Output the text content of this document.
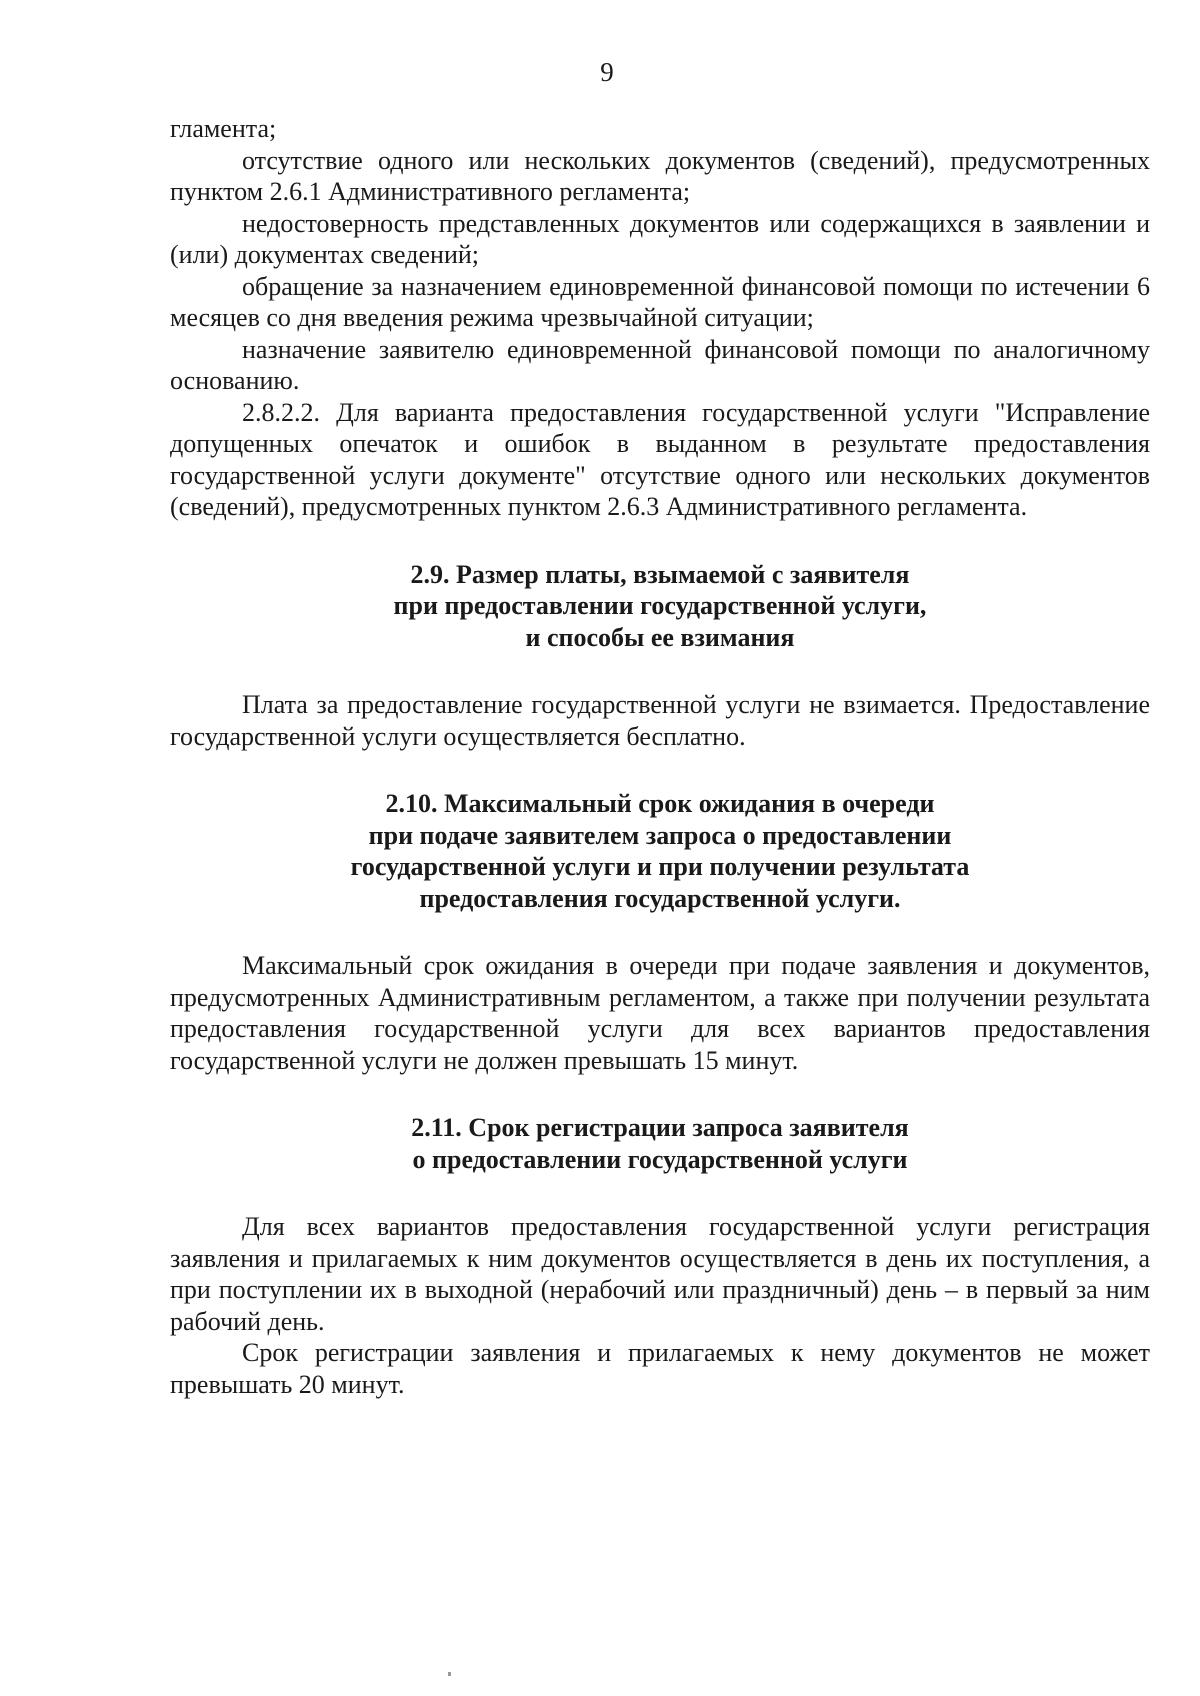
9

гламента;

отсутствие одного или нескольких документов (сведений), предусмотренных пунктом 2.6.1 Административного регламента;

недостоверность представленных документов или содержащихся в заявлении и (или) документах сведений;

обращение за назначением единовременной финансовой помощи по истечении 6 месяцев со дня введения режима чрезвычайной ситуации;

назначение заявителю единовременной финансовой помощи по аналогичному основанию.

2.8.2.2. Для варианта предоставления государственной услуги "Исправление допущенных опечаток и ошибок в выданном в результате предоставления государственной услуги документе" отсутствие одного или нескольких документов (сведений), предусмотренных пунктом 2.6.3 Административного регламента.

2.9. Размер платы, взымаемой с заявителя
при предоставлении государственной услуги,
и способы ее взимания

Плата за предоставление государственной услуги не взимается. Предоставление государственной услуги осуществляется бесплатно.

2.10. Максимальный срок ожидания в очереди
при подаче заявителем запроса о предоставлении
государственной услуги и при получении результата
предоставления государственной услуги.

Максимальный срок ожидания в очереди при подаче заявления и документов, предусмотренных Административным регламентом, а также при получении результата предоставления государственной услуги для всех вариантов предоставления государственной услуги не должен превышать 15 минут.

2.11. Срок регистрации запроса заявителя
о предоставлении государственной услуги

Для всех вариантов предоставления государственной услуги регистрация заявления и прилагаемых к ним документов осуществляется в день их поступления, а при поступлении их в выходной (нерабочий или праздничный) день – в первый за ним рабочий день.

Срок регистрации заявления и прилагаемых к нему документов не может превышать 20 минут.
